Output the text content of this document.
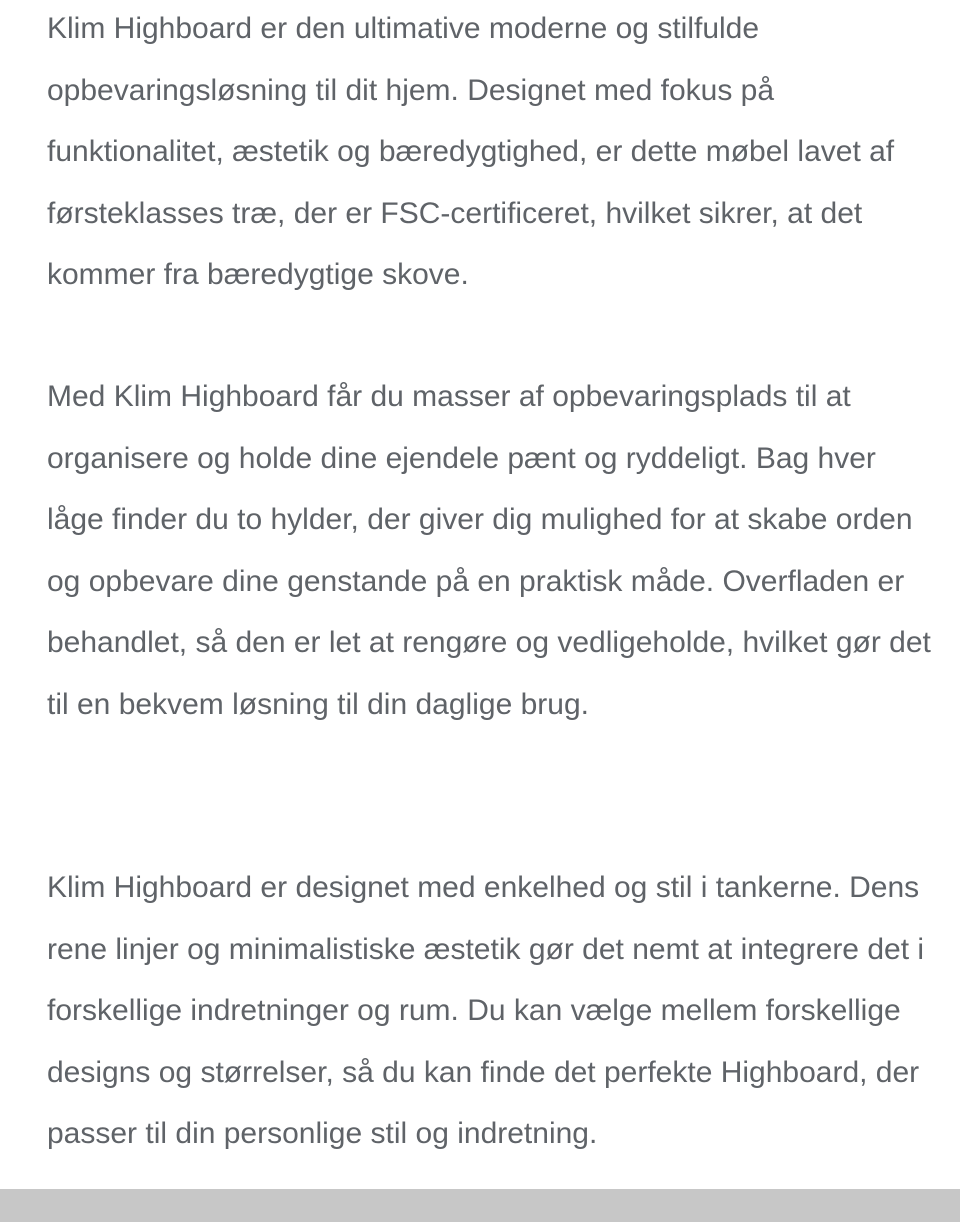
Klim Highboard er den ultimative moderne og stilfulde opbevaringsløsning til dit hjem. Designet med fokus på funktionalitet, æstetik og bæredygtighed, er dette møbel lavet af førsteklasses træ, der er FSC-certificeret, hvilket sikrer, at det kommer fra bæredygtige skove.

Med Klim Highboard får du masser af opbevaringsplads til at organisere og holde dine ejendele pænt og ryddeligt. Bag hver låge finder du to hylder, der giver dig mulighed for at skabe orden og opbevare dine genstande på en praktisk måde. Overfladen er behandlet, så den er let at rengøre og vedligeholde, hvilket gør det til en bekvem løsning til din daglige brug.

Klim Highboard er designet med enkelhed og stil i tankerne. Dens rene linjer og minimalistiske æstetik gør det nemt at integrere det i forskellige indretninger og rum. Du kan vælge mellem forskellige designs og størrelser, så du kan finde det perfekte Highboard, der passer til din personlige stil og indretning.
